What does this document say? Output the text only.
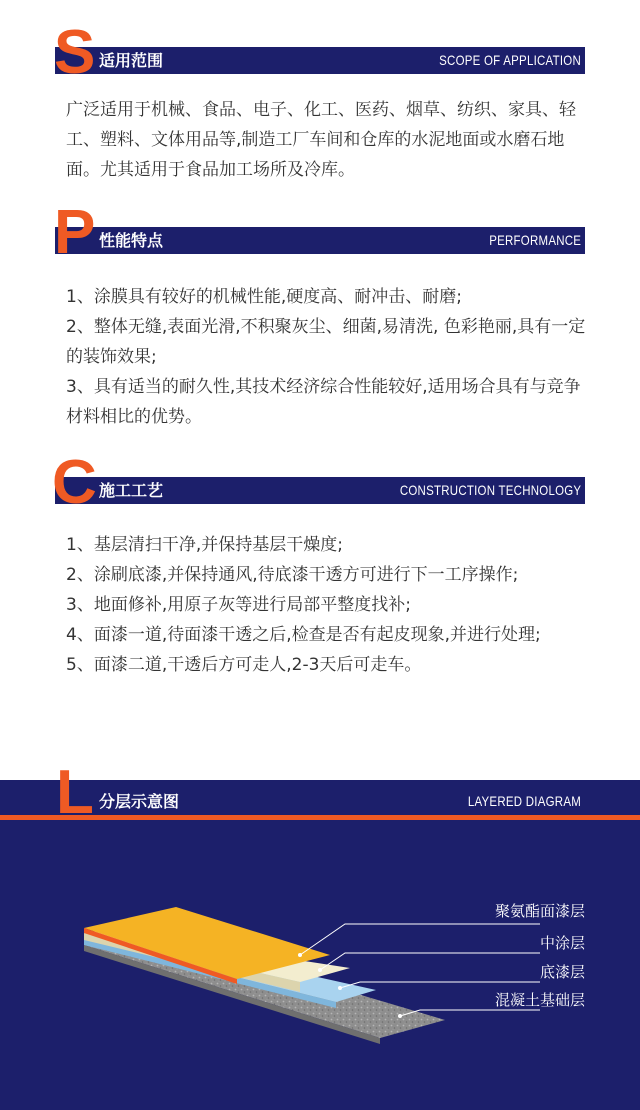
适用范围	SCOPE OF APPLICATION
S

广泛适用于机械、食品、电子、化工、医药、烟草、纺织、家具、轻工、塑料、文体用品等,制造工厂车间和仓库的水泥地面或水磨石地面。尤其适用于食品加工场所及冷库。

性能特点	PERFORMANCE
P

1、涂膜具有较好的机械性能,硬度高、耐冲击、耐磨;

2、整体无缝,表面光滑,不积聚灰尘、细菌,易清洗, 色彩艳丽,具有一定的装饰效果;

3、具有适当的耐久性,其技术经济综合性能较好,适用场合具有与竞争材料相比的优势。

施工工艺	CONSTRUCTION TECHNOLOGY
C

1、基层清扫干净,并保持基层干燥度;

2、涂刷底漆,并保持通风,待底漆干透方可进行下一工序操作;

3、地面修补,用原子灰等进行局部平整度找补;

4、面漆一道,待面漆干透之后,检查是否有起皮现象,并进行处理;

5、面漆二道,干透后方可走人,2-3天后可走车。

分层示意图	LAYERED DIAGRAM
L
聚氨酯面漆层
中涂层
底漆层
混凝土基础层
